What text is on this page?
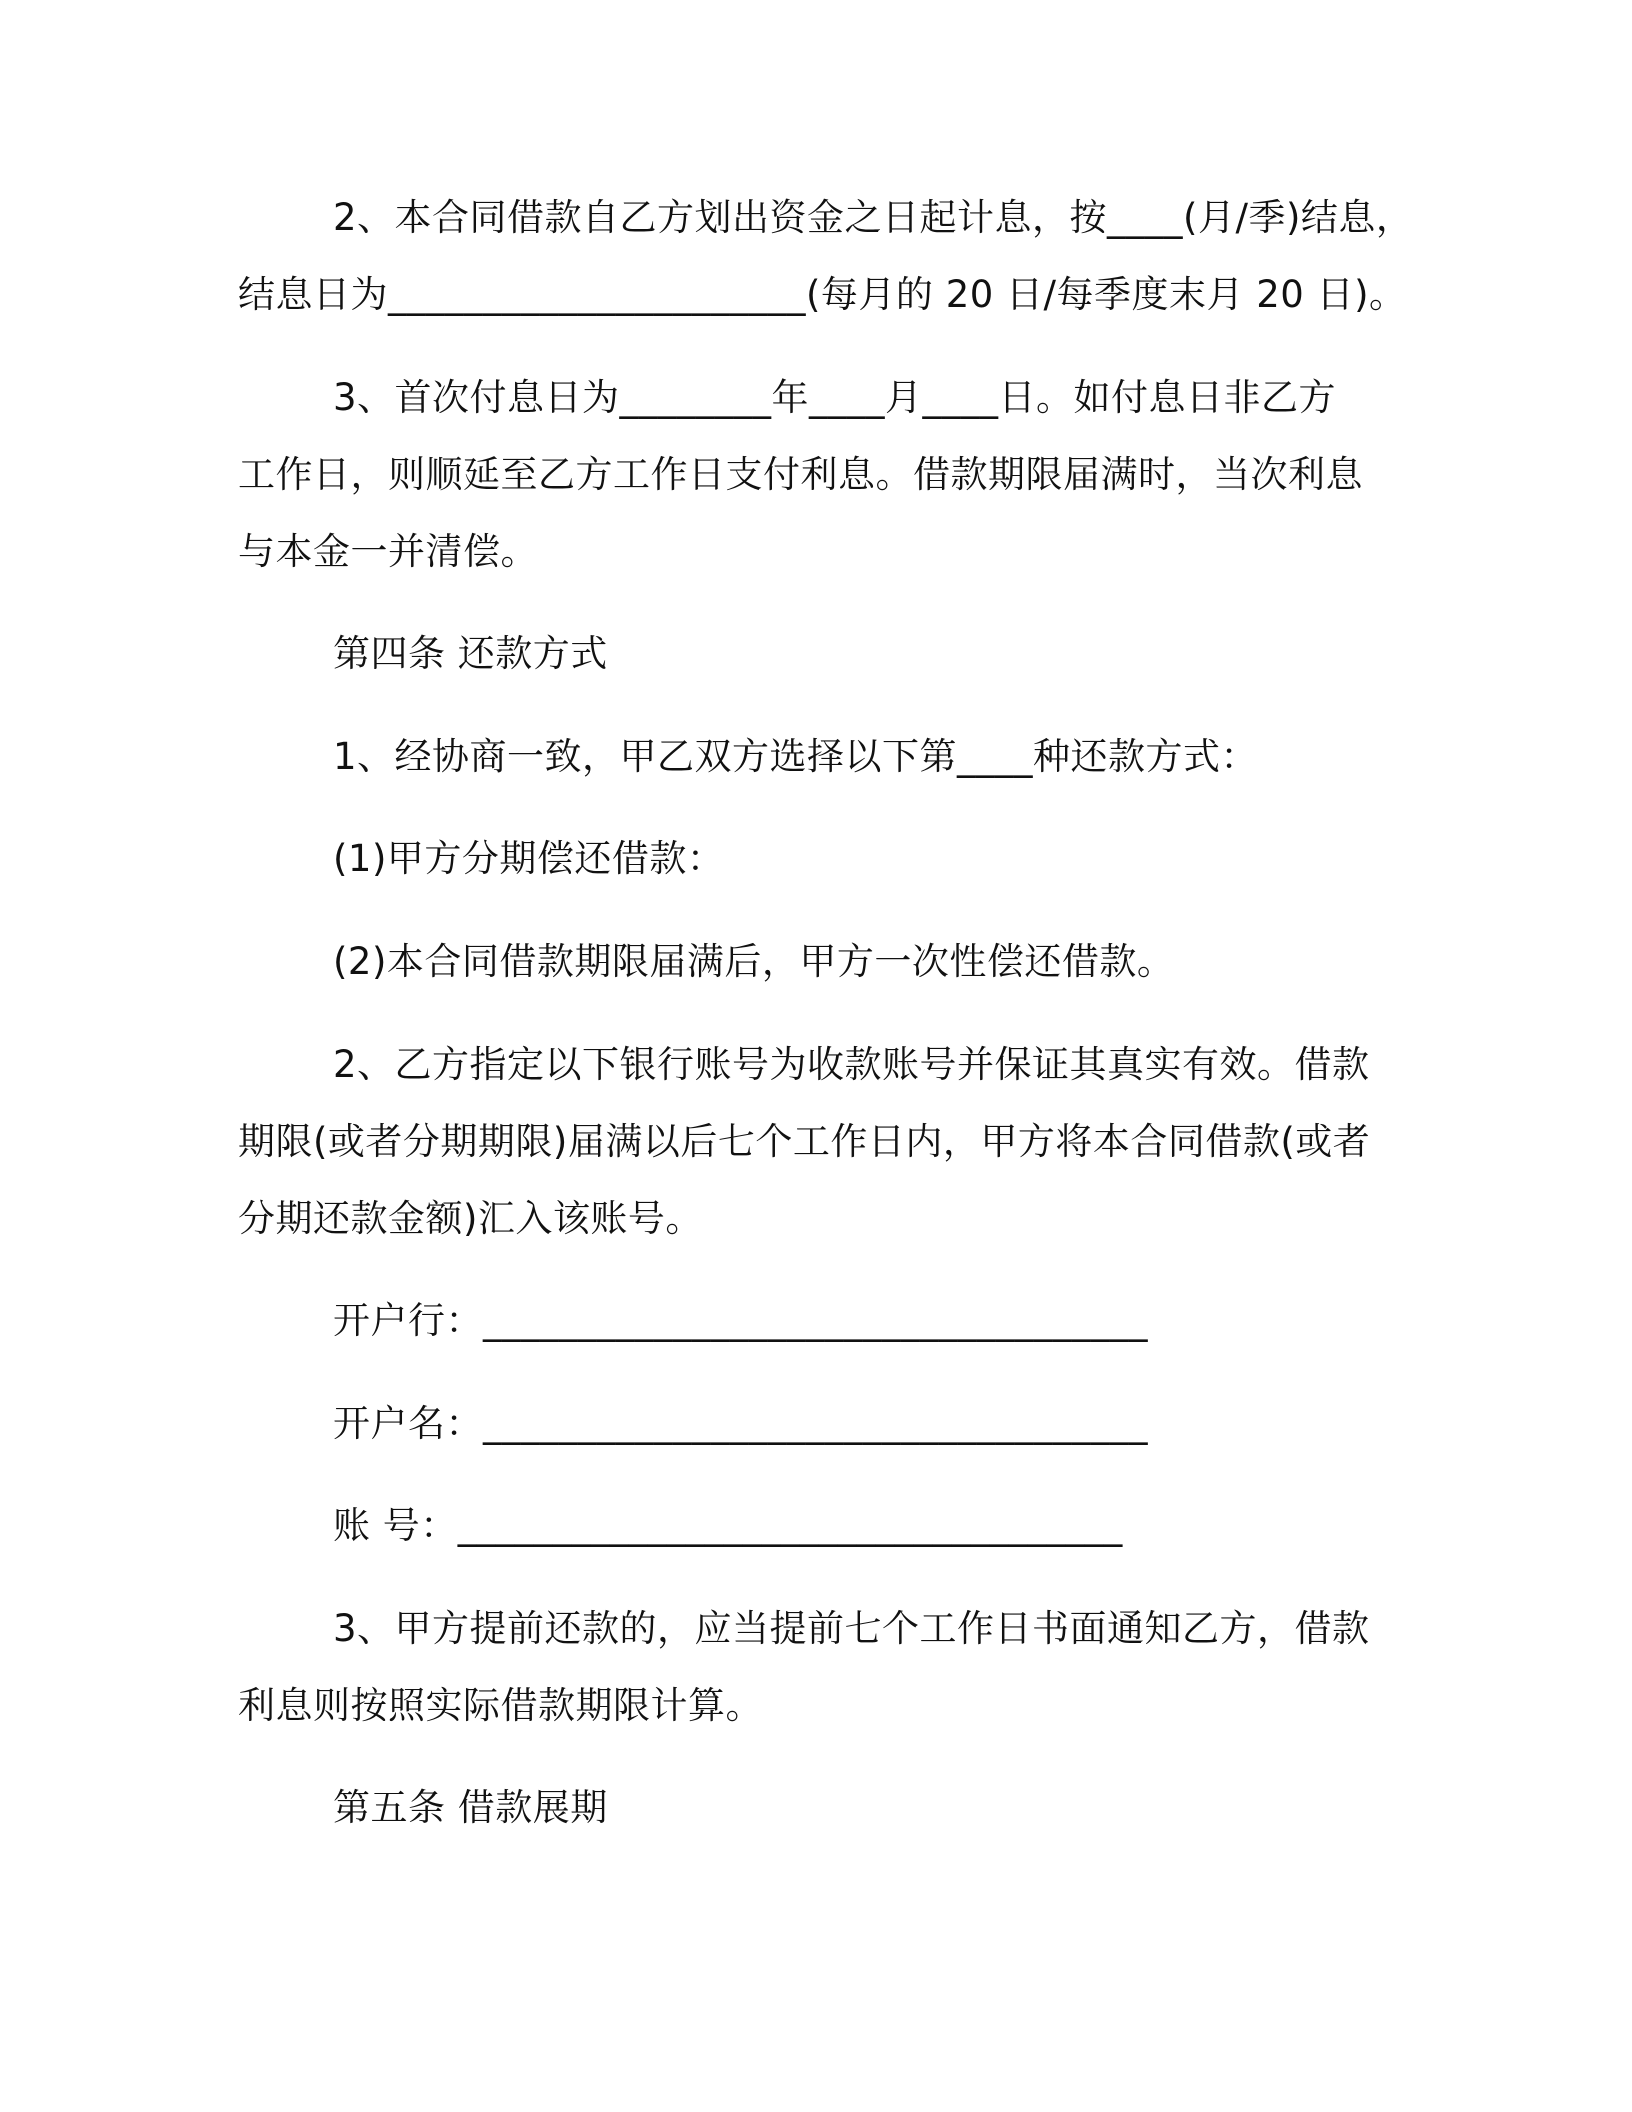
2、本合同借款自乙方划出资金之日起计息，按____(月/季)结息，
结息日为______________________(每月的 20 日/每季度末月 20 日)。
3、首次付息日为________年____月____日。如付息日非乙方
工作日，则顺延至乙方工作日支付利息。借款期限届满时，当次利息
与本金一并清偿。
第四条 还款方式
1、经协商一致，甲乙双方选择以下第____种还款方式：
(1)甲方分期偿还借款：
(2)本合同借款期限届满后，甲方一次性偿还借款。
2、乙方指定以下银行账号为收款账号并保证其真实有效。借款
期限(或者分期期限)届满以后七个工作日内，甲方将本合同借款(或者
分期还款金额)汇入该账号。
开户行：___________________________________
开户名：___________________________________
账 号：___________________________________
3、甲方提前还款的，应当提前七个工作日书面通知乙方，借款
利息则按照实际借款期限计算。
第五条 借款展期
